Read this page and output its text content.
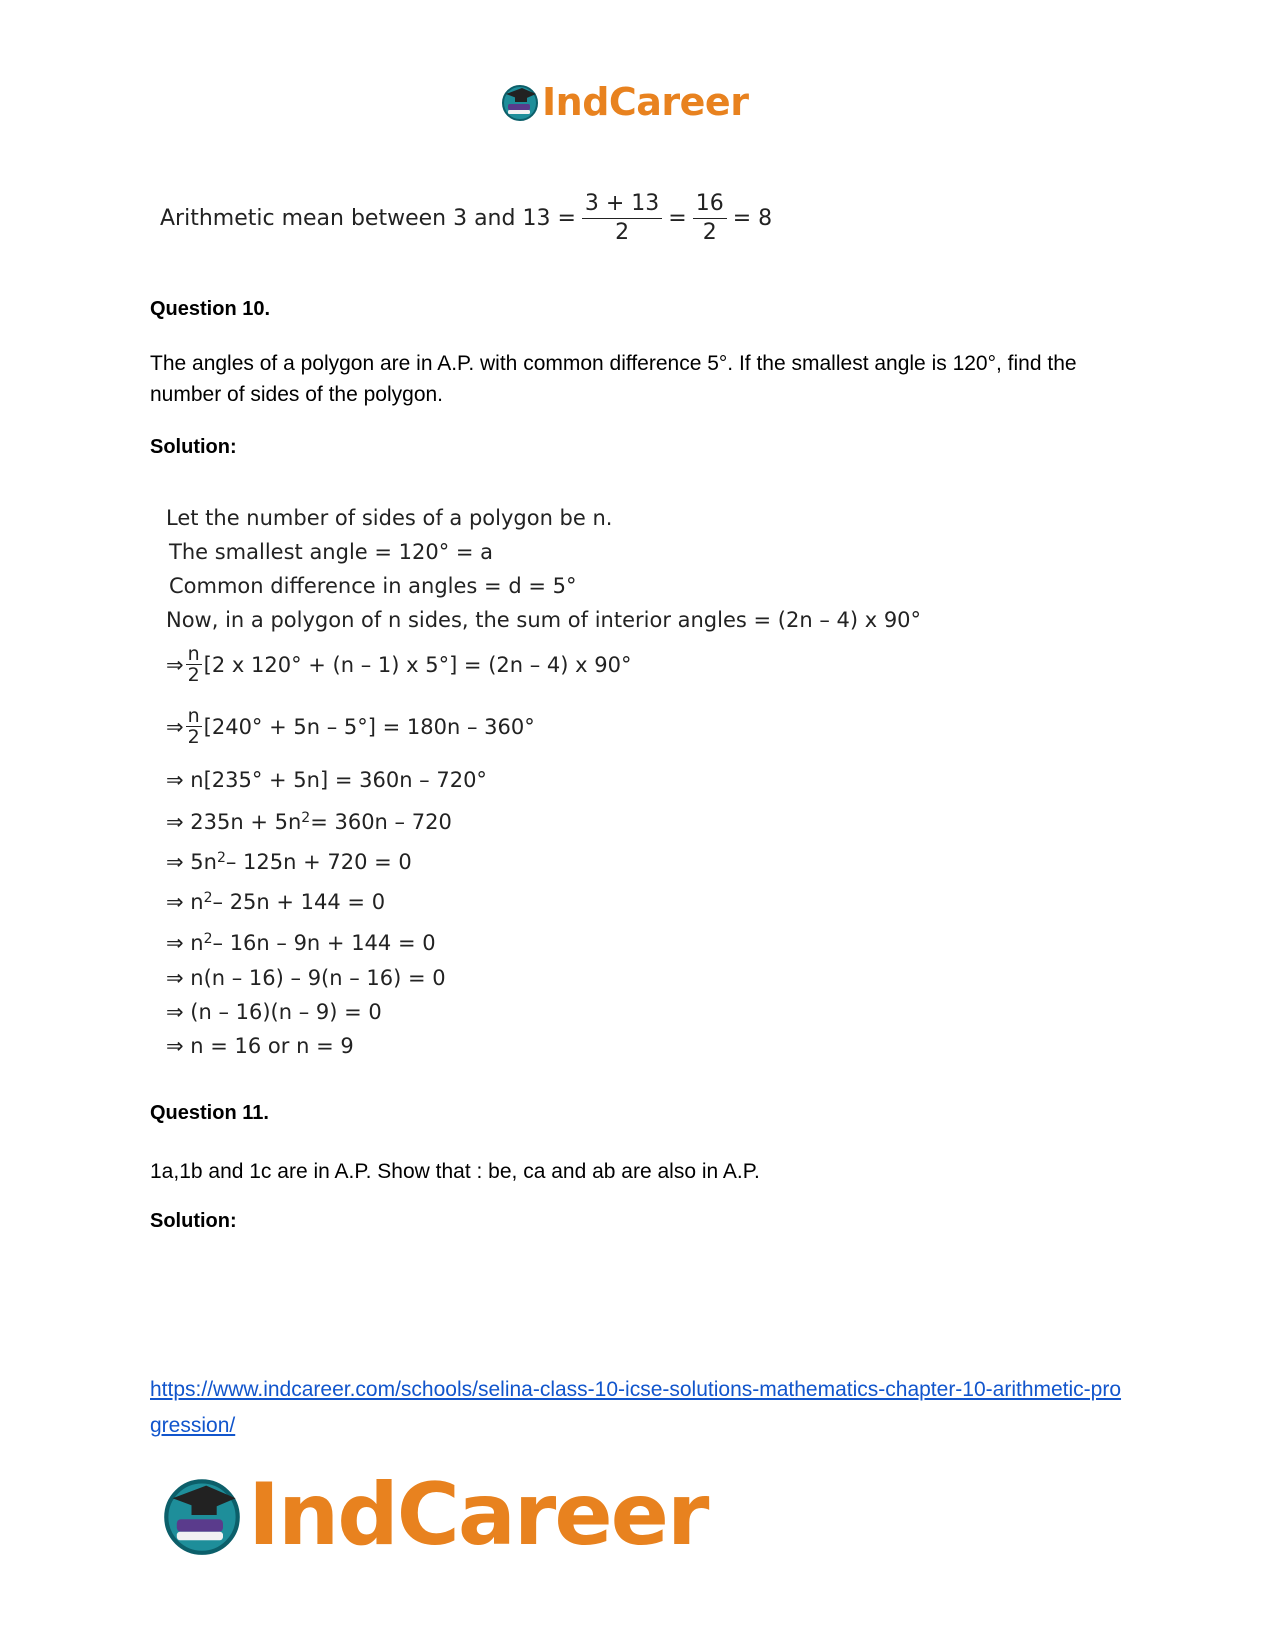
IndCareer
Arithmetic mean between 3 and $13 = \frac{3 + 13}{2} = \frac{16}{2} = 8$
Question 10.
The angles of a polygon are in A.P. with common difference 5°. If the smallest angle is 120°, find the number of sides of the polygon.
Solution:
Let the number of sides of a polygon be n.
The smallest angle = 120° = a
Common difference in angles = d = 5°
Now, in a polygon of n sides, the sum of interior angles = (2n – 4) x 90°
⇒ $\frac{n}{2} [2$ x 120° + (n – 1) x 5°] = (2n – 4) x 90°
⇒ $\frac{n}{2} [240^\circ + 5n - 5^\circ] = 180n - 360^\circ$
⇒ n[235° + 5n] = 360n – 720°
⇒ $235n + 5n^2 = 360n - 720$
⇒ $5n^2 - 125n + 720 = 0$
⇒ $n^2 - 25n + 144 = 0$
⇒ $n^2 - 16n - 9n + 144 = 0$
⇒ n(n – 16) – 9(n – 16) = 0
⇒ (n – 16)(n – 9) = 0
⇒ n = 16 or n = 9
Question 11.
1a,1b and 1c are in A.P. Show that : be, ca and ab are also in A.P.
Solution:
https://www.indcareer.com/schools/selina-class-10-icse-solutions-mathematics-chapter-10-arithmetic-progression/
IndCareer
